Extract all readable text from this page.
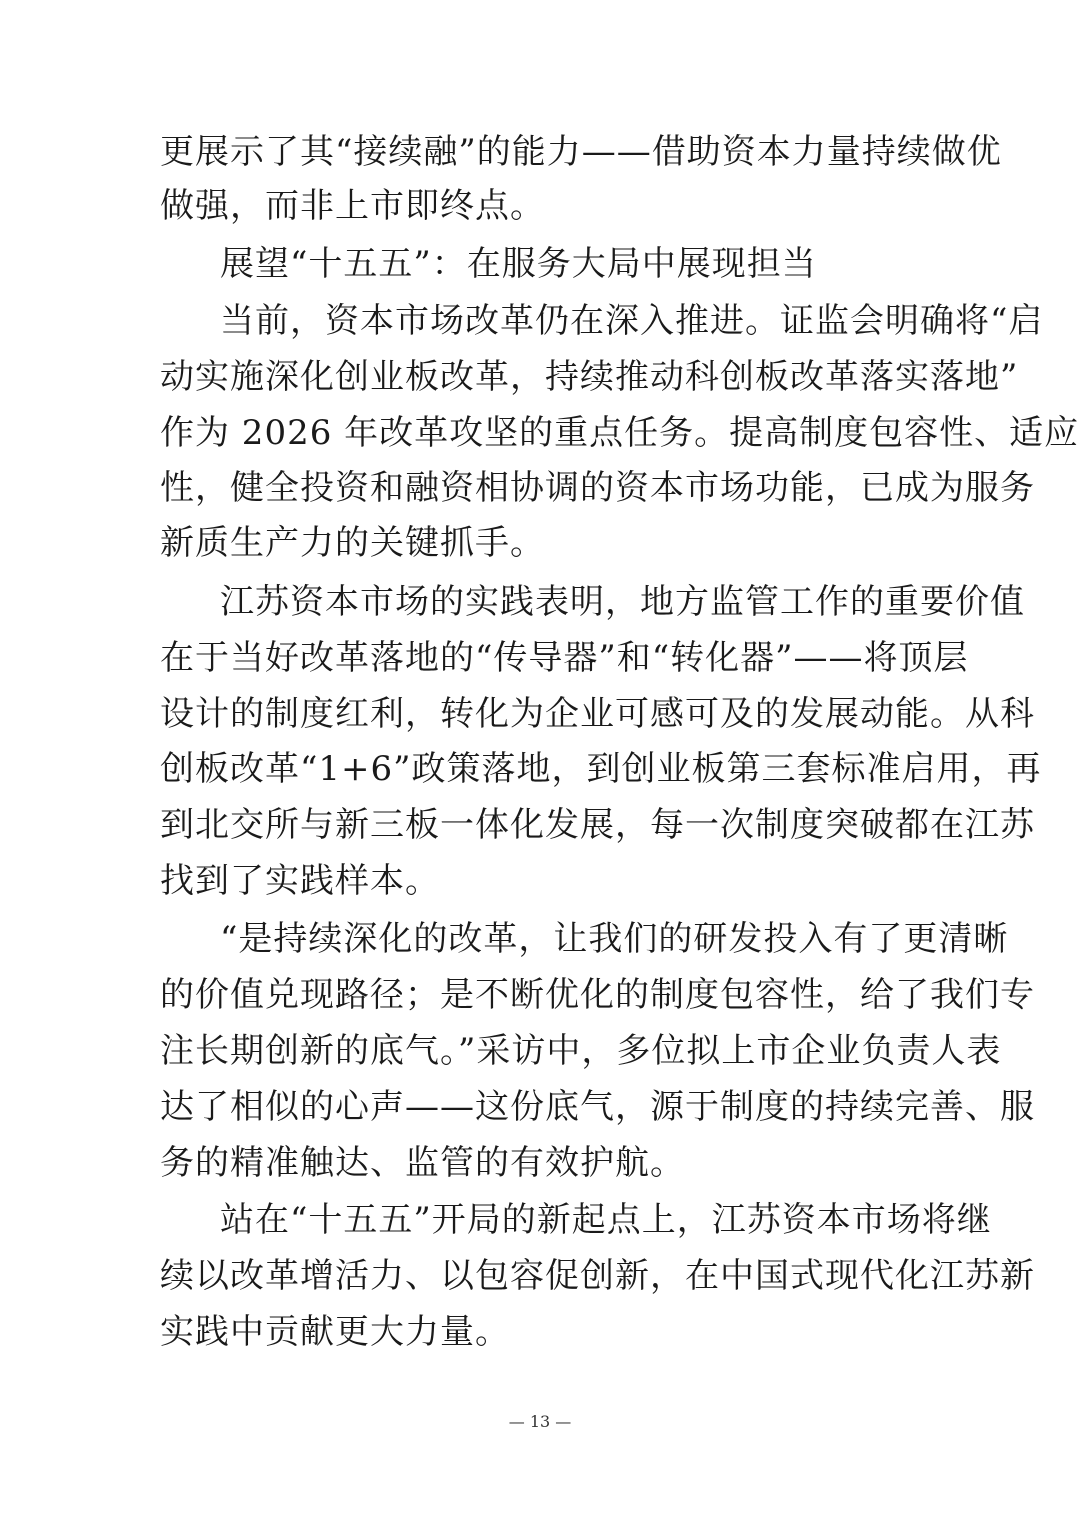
更展示了其“接续融”的能力——借助资本力量持续做优
做强，而非上市即终点。
展望“十五五”：在服务大局中展现担当
当前，资本市场改革仍在深入推进。证监会明确将“启
动实施深化创业板改革，持续推动科创板改革落实落地”
作为 2026 年改革攻坚的重点任务。提高制度包容性、适应
性，健全投资和融资相协调的资本市场功能，已成为服务
新质生产力的关键抓手。
江苏资本市场的实践表明，地方监管工作的重要价值
在于当好改革落地的“传导器”和“转化器”——将顶层
设计的制度红利，转化为企业可感可及的发展动能。从科
创板改革“1+6”政策落地，到创业板第三套标准启用，再
到北交所与新三板一体化发展，每一次制度突破都在江苏
找到了实践样本。
“是持续深化的改革，让我们的研发投入有了更清晰
的价值兑现路径；是不断优化的制度包容性，给了我们专
注长期创新的底气。”采访中，多位拟上市企业负责人表
达了相似的心声——这份底气，源于制度的持续完善、服
务的精准触达、监管的有效护航。
站在“十五五”开局的新起点上，江苏资本市场将继
续以改革增活力、以包容促创新，在中国式现代化江苏新
实践中贡献更大力量。
— 13 —
